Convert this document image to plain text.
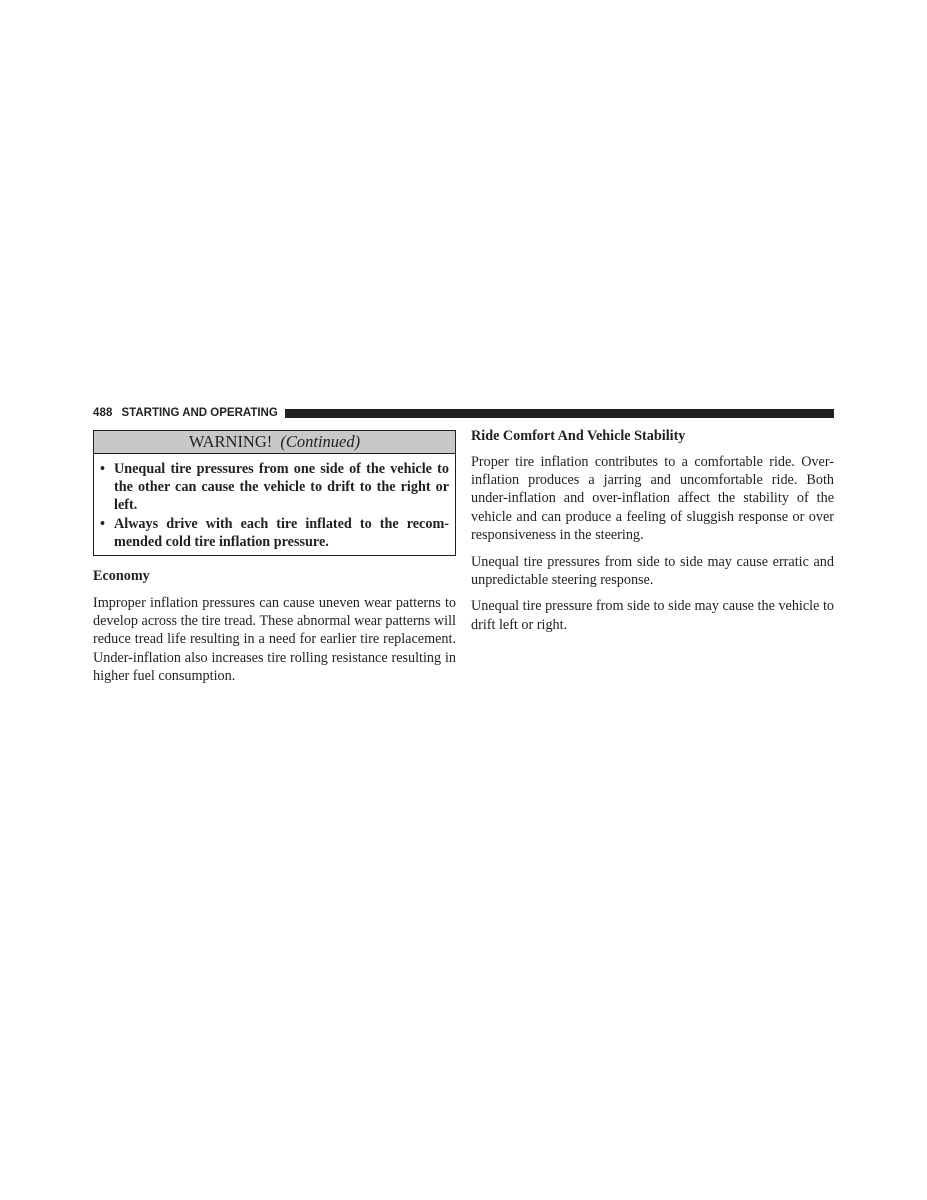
488 STARTING AND OPERATING
WARNING! (Continued)
• Unequal tire pressures from one side of the vehicle to the other can cause the vehicle to drift to the right or left.
• Always drive with each tire inflated to the recommended cold tire inflation pressure.
Economy

Improper inflation pressures can cause uneven wear patterns to develop across the tire tread. These abnormal wear patterns will reduce tread life resulting in a need for earlier tire replacement. Under-inflation also increases tire rolling resistance resulting in higher fuel consumption.

Ride Comfort And Vehicle Stability

Proper tire inflation contributes to a comfortable ride. Over-inflation produces a jarring and uncomfortable ride. Both under-inflation and over-inflation affect the stability of the vehicle and can produce a feeling of sluggish response or over responsiveness in the steering.

Unequal tire pressures from side to side may cause erratic and unpredictable steering response.

Unequal tire pressure from side to side may cause the vehicle to drift left or right.
